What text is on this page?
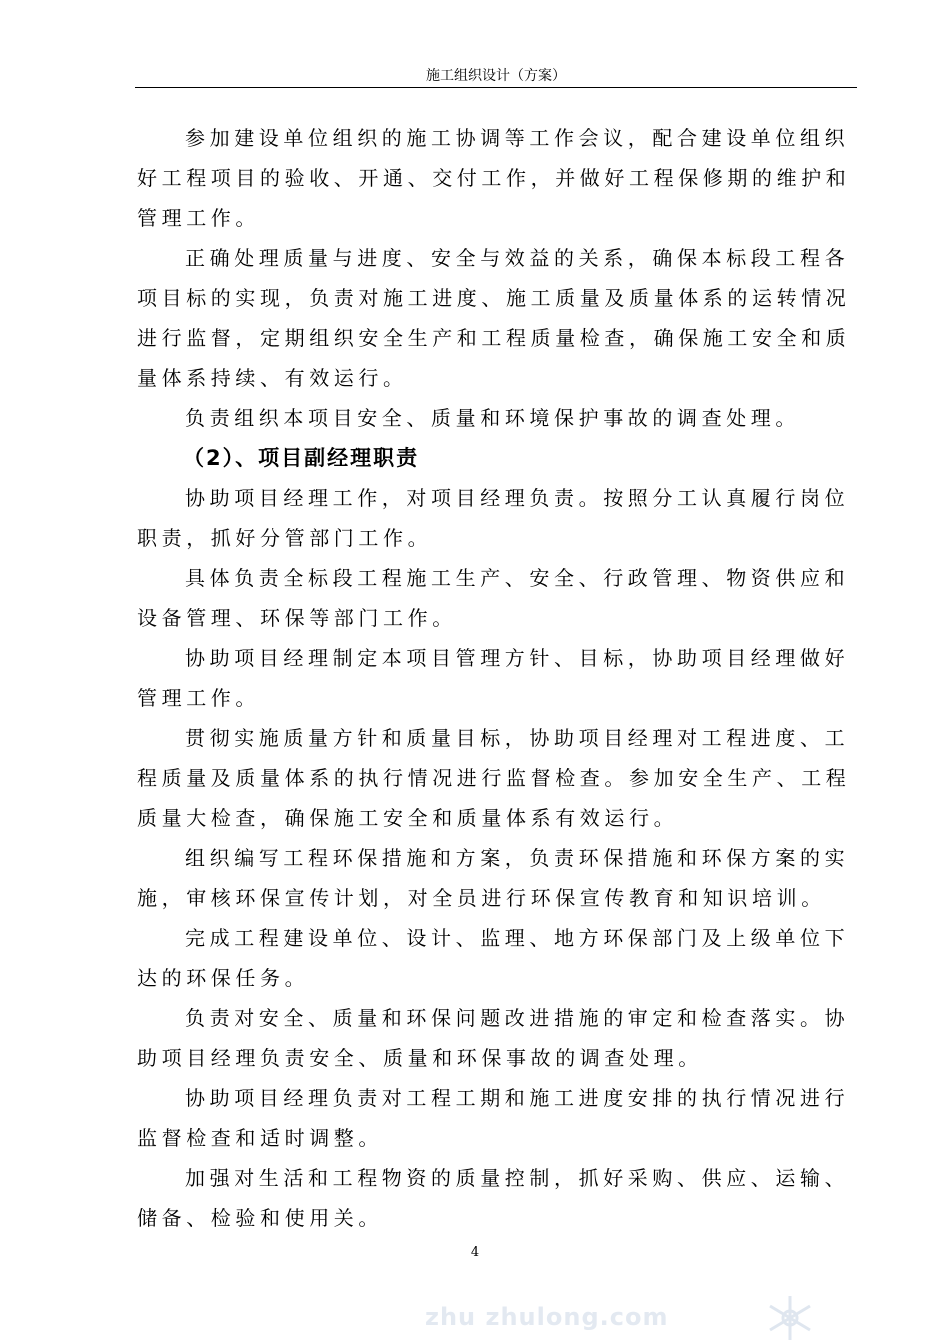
施工组织设计（方案）

参加建设单位组织的施工协调等工作会议，配合建设单位组织好工程项目的验收、开通、交付工作，并做好工程保修期的维护和管理工作。

正确处理质量与进度、安全与效益的关系，确保本标段工程各项目标的实现，负责对施工进度、施工质量及质量体系的运转情况进行监督，定期组织安全生产和工程质量检查，确保施工安全和质量体系持续、有效运行。

负责组织本项目安全、质量和环境保护事故的调查处理。

（2）、项目副经理职责

协助项目经理工作，对项目经理负责。按照分工认真履行岗位职责，抓好分管部门工作。

具体负责全标段工程施工生产、安全、行政管理、物资供应和设备管理、环保等部门工作。

协助项目经理制定本项目管理方针、目标，协助项目经理做好管理工作。

贯彻实施质量方针和质量目标，协助项目经理对工程进度、工程质量及质量体系的执行情况进行监督检查。参加安全生产、工程质量大检查，确保施工安全和质量体系有效运行。

组织编写工程环保措施和方案，负责环保措施和环保方案的实施，审核环保宣传计划，对全员进行环保宣传教育和知识培训。

完成工程建设单位、设计、监理、地方环保部门及上级单位下达的环保任务。

负责对安全、质量和环保问题改进措施的审定和检查落实。协助项目经理负责安全、质量和环保事故的调查处理。

协助项目经理负责对工程工期和施工进度安排的执行情况进行监督检查和适时调整。

加强对生活和工程物资的质量控制，抓好采购、供应、运输、储备、检验和使用关。

4
zhu zhulong.com
